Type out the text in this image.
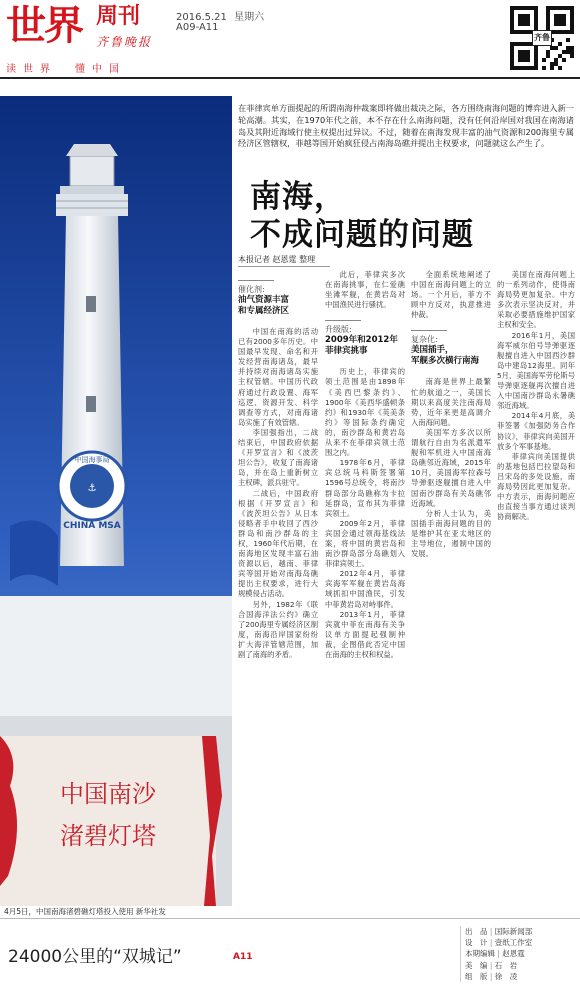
世界 周刊
齐鲁晚报
2016.5.21 星期六
A09-A11
读世界 懂中国
齐鲁
在菲律宾单方面提起的所谓南海仲裁案即将做出裁决之际，各方围绕南海问题的博弈进入新一轮高潮。其实，在1970年代之前，本不存在什么南海问题，没有任何沿岸国对我国在南海诸岛及其附近海域行使主权提出过异议。不过，随着在南海发现丰富的油气资源和200海里专属经济区管辖权，菲越等国开始疯狂侵占南海岛礁并提出主权要求，问题就这么产生了。
⚓
中国海事局
CHINA MSA
中国南沙
渚碧灯塔
4月5日，中国南海渚碧礁灯塔投入使用 新华社发
南海，
不成问题的问题
本报记者 赵恩霆 整理
催化剂:
油气资源丰富
和专属经济区

中国在南海的活动已有2000多年历史。中国最早发现、命名和开发经营南海诸岛，最早并持续对南海诸岛实施主权管辖。中国历代政府通过行政设置、海军巡逻、资源开发、科学调查等方式，对南海诸岛实施了有效管辖。

李国强指出，二战结束后，中国政府依据《开罗宣言》和《波茨坦公告》，收复了南海诸岛，并在岛上重新树立主权碑，派兵驻守。

二战后，中国政府根据《开罗宣言》和《波茨坦公告》从日本侵略者手中收回了西沙群岛和南沙群岛的主权，1960年代后期，在南海地区发现丰富石油资源以后，越南、菲律宾等国开始对南海岛礁提出主权要求，进行大规模侵占活动。

另外，1982年《联合国海洋法公约》确立了200海里专属经济区制度，南海沿岸国家纷纷扩大海洋管辖范围，加剧了南海的矛盾。

此后，菲律宾多次在南海挑事，在仁爱礁坐滩军舰，在黄岩岛对中国渔民进行骚扰。

升级版:
2009年和2012年
菲律宾挑事

历史上，菲律宾的领土范围是由1898年《美西巴黎条约》、1900年《美西华盛顿条约》和1930年《英美条约》等国际条约确定的，南沙群岛和黄岩岛从来不在菲律宾领土范围之内。

1978年6月，菲律宾总统马科斯签署第1596号总统令，将南沙群岛部分岛礁称为卡拉延群岛，宣布其为菲律宾领土。

2009年2月，菲律宾国会通过领海基线法案，将中国的黄岩岛和南沙群岛部分岛礁划入菲律宾领土。

2012年4月，菲律宾海军军舰在黄岩岛海域抓扣中国渔民，引发中菲黄岩岛对峙事件。

2013年1月，菲律宾就中菲在南海有关争议单方面提起强制仲裁，企图借此否定中国在南海的主权和权益。

全面系统地阐述了中国在南海问题上的立场。一个月后，菲方不顾中方反对，执意推进仲裁。

复杂化:
美国插手，
军舰多次横行南海

南海是世界上最繁忙的航道之一，美国长期以来高度关注南海局势，近年来更是高调介入南海问题。

美国军方多次以所谓航行自由为名派遣军舰和军机进入中国南海岛礁邻近海域，2015年10月，美国海军拉森号导弹驱逐舰擅自进入中国南沙群岛有关岛礁邻近海域。

分析人士认为，美国插手南海问题的目的是维护其在亚太地区的主导地位，遏制中国的发展。

美国在南海问题上的一系列动作，使得南海局势更加复杂。中方多次表示坚决反对，并采取必要措施维护国家主权和安全。

2016年1月，美国海军威尔伯号导弹驱逐舰擅自进入中国西沙群岛中建岛12海里。同年5月，美国海军劳伦斯号导弹驱逐舰再次擅自进入中国南沙群岛永暑礁邻近海域。

2014年4月底，美菲签署《加强防务合作协议》，菲律宾向美国开放多个军事基地。

菲律宾向美国提供的基地包括巴拉望岛和吕宋岛的多处设施，南海局势因此更加复杂。中方表示，南海问题应由直接当事方通过谈判协商解决。

24000公里的“双城记”	A11
出　品 | 国际新闻部
设　计 | 壹纸工作室
本期编辑 | 赵恩霆
美　编 | 石　岩
组　版 | 徐　凌
